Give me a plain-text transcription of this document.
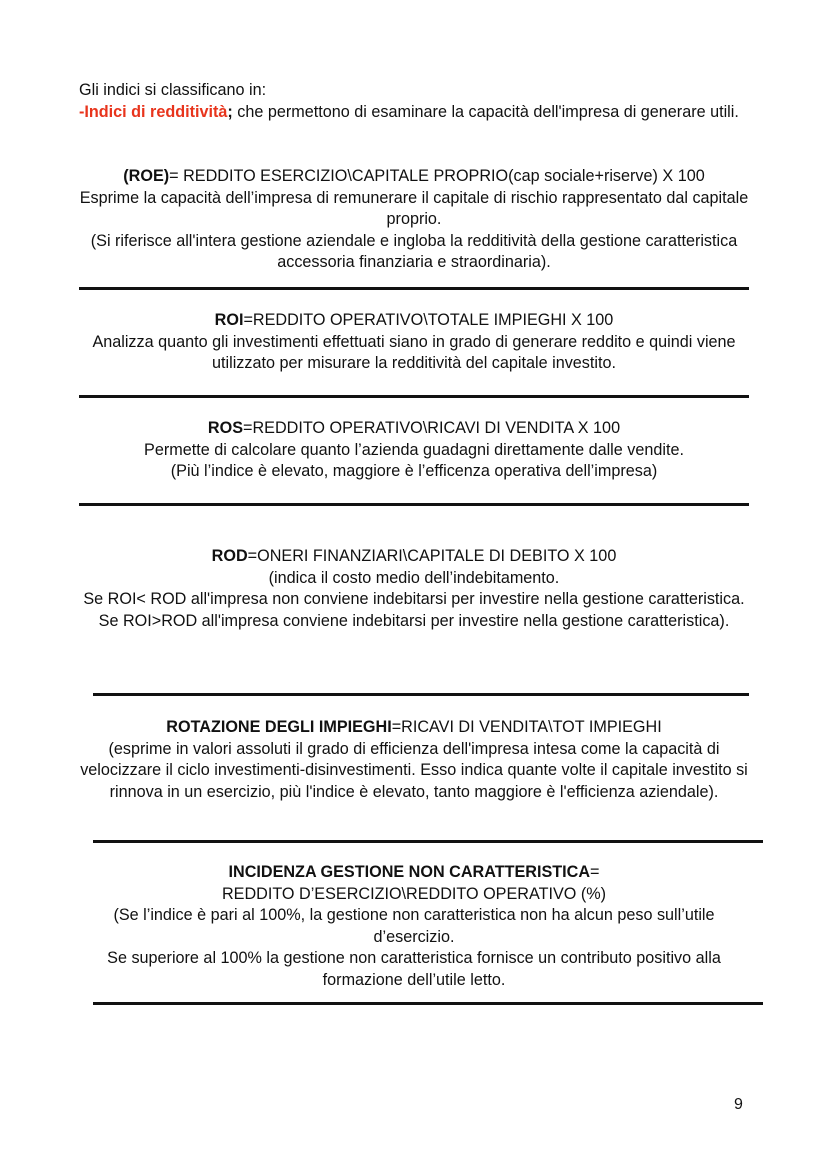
Gli indici si classificano in:

-Indici di redditività; che permettono di esaminare la capacità dell'impresa di generare utili.

(ROE)= REDDITO ESERCIZIO\CAPITALE PROPRIO(cap sociale+riserve) X 100

Esprime la capacità dell’impresa di remunerare il capitale di rischio rappresentato dal capitale proprio.

(Si riferisce all'intera gestione aziendale e ingloba la redditività della gestione caratteristica accessoria finanziaria e straordinaria).

ROI=REDDITO OPERATIVO\TOTALE IMPIEGHI X 100

Analizza quanto gli investimenti effettuati siano in grado di generare reddito e quindi viene utilizzato per misurare la redditività del capitale investito.

ROS=REDDITO OPERATIVO\RICAVI DI VENDITA X 100

Permette di calcolare quanto l’azienda guadagni direttamente dalle vendite.

(Più l’indice è elevato, maggiore è l’efficenza operativa dell’impresa)

ROD=ONERI FINANZIARI\CAPITALE DI DEBITO X 100

(indica il costo medio dell’indebitamento.

Se ROI< ROD all'impresa non conviene indebitarsi per investire nella gestione caratteristica.

Se ROI>ROD all'impresa conviene indebitarsi per investire nella gestione caratteristica).

ROTAZIONE DEGLI IMPIEGHI=RICAVI DI VENDITA\TOT IMPIEGHI

(esprime in valori assoluti il grado di efficienza dell'impresa intesa come la capacità di velocizzare il ciclo investimenti-disinvestimenti. Esso indica quante volte il capitale investito si rinnova in un esercizio, più l'indice è elevato, tanto maggiore è l'efficienza aziendale).

INCIDENZA GESTIONE NON CARATTERISTICA=

REDDITO D’ESERCIZIO\REDDITO OPERATIVO (%)

(Se l’indice è pari al 100%, la gestione non caratteristica non ha alcun peso sull’utile d’esercizio.

Se superiore al 100% la gestione non caratteristica fornisce un contributo positivo alla formazione dell’utile letto.

9
